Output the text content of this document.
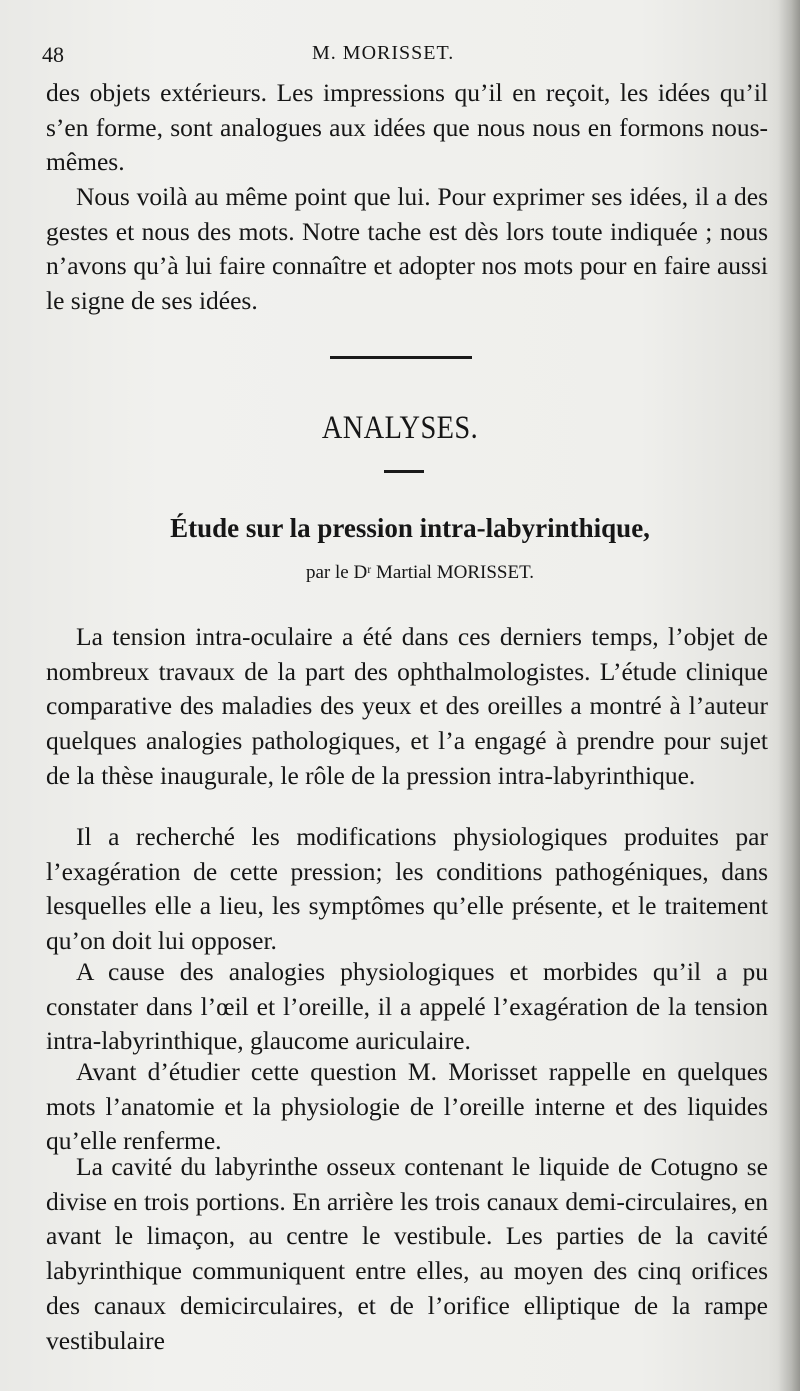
48	M. MORISSET.

des objets extérieurs. Les impressions qu’il en reçoit, les idées qu’il s’en forme, sont analogues aux idées que nous nous en formons nous-mêmes.

Nous voilà au même point que lui. Pour exprimer ses idées, il a des gestes et nous des mots. Notre tache est dès lors toute indiquée ; nous n’avons qu’à lui faire connaître et adopter nos mots pour en faire aussi le signe de ses idées.

ANALYSES.
Étude sur la pression intra-labyrinthique,
par le Dʳ Martial MORISSET.

La tension intra-oculaire a été dans ces derniers temps, l’objet de nombreux travaux de la part des ophthalmologistes. L’étude clinique comparative des maladies des yeux et des oreilles a montré à l’auteur quelques analogies pathologiques, et l’a engagé à prendre pour sujet de la thèse inaugurale, le rôle de la pression intra-labyrinthique.

Il a recherché les modifications physiologiques produites par l’exagération de cette pression; les conditions pathogéniques, dans lesquelles elle a lieu, les symptômes qu’elle présente, et le traitement qu’on doit lui opposer.

A cause des analogies physiologiques et morbides qu’il a pu constater dans l’œil et l’oreille, il a appelé l’exagération de la tension intra-labyrinthique, glaucome auriculaire.

Avant d’étudier cette question M. Morisset rappelle en quelques mots l’anatomie et la physiologie de l’oreille interne et des liquides qu’elle renferme.

La cavité du labyrinthe osseux contenant le liquide de Cotugno se divise en trois portions. En arrière les trois canaux demi-circulaires, en avant le limaçon, au centre le vestibule. Les parties de la cavité labyrinthique communiquent entre elles, au moyen des cinq orifices des canaux demicirculaires, et de l’orifice elliptique de la rampe vestibulaire
